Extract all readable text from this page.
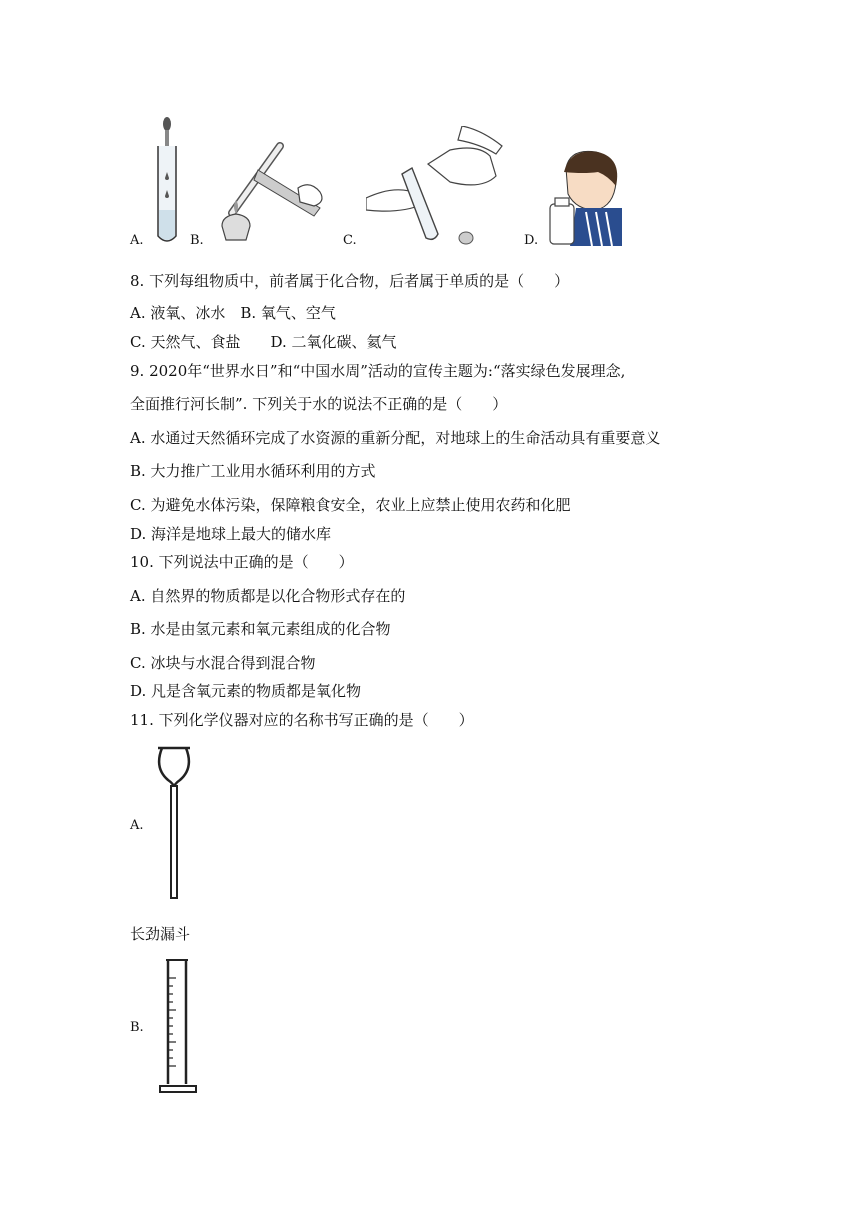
A.	B.	C.	D.
8. 下列每组物质中，前者属于化合物，后者属于单质的是（　　）
A. 液氧、冰水　B. 氧气、空气
C. 天然气、食盐　　D. 二氧化碳、氦气
9. 2020年“世界水日”和“中国水周”活动的宣传主题为:“落实绿色发展理念,
全面推行河长制”. 下列关于水的说法不正确的是（　　）
A. 水通过天然循环完成了水资源的重新分配，对地球上的生命活动具有重要意义
B. 大力推广工业用水循环利用的方式
C. 为避免水体污染，保障粮食安全，农业上应禁止使用农药和化肥
D. 海洋是地球上最大的储水库
10. 下列说法中正确的是（　　）
A. 自然界的物质都是以化合物形式存在的
B. 水是由氢元素和氧元素组成的化合物
C. 冰块与水混合得到混合物
D. 凡是含氧元素的物质都是氧化物
11. 下列化学仪器对应的名称书写正确的是（　　）
A.
长劲漏斗
B.
